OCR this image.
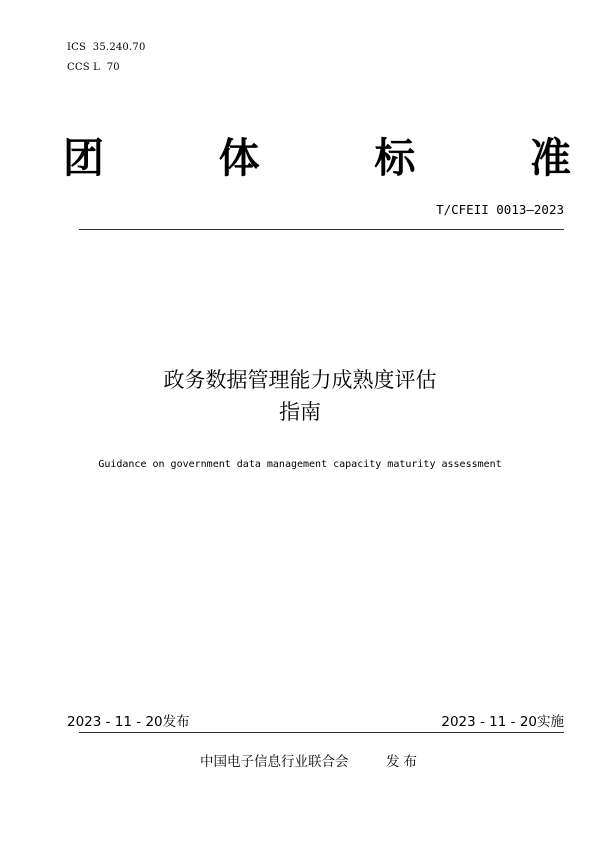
ICS  35.240.70
CCS L  70
团	体	标	准
T/CFEII 0013—2023
政务数据管理能力成熟度评估
指南
Guidance on government data management capacity maturity assessment
2023 - 11 - 20发布	2023 - 11 - 20实施
中国电子信息行业联合会	发布
